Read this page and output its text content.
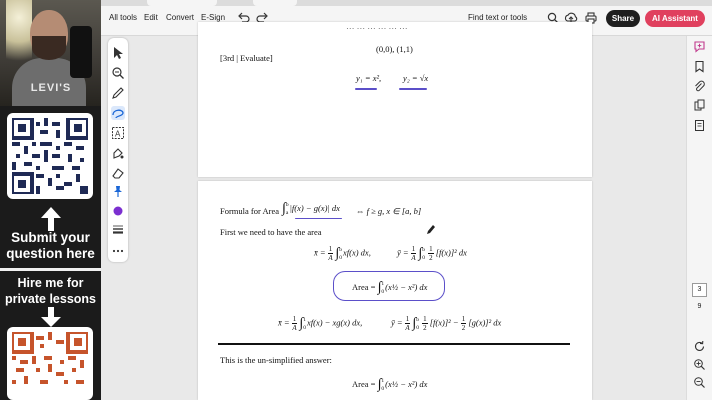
LEVI'S
Submit your question here
Hire me for private lessons
All tools Edit Convert E-Sign	Find text or tools	Share	AI Assistant
A
3
9
⋯ ⋯ ⋯ ⋯ ⋯ ⋯
(0,0), (1,1)
[3rd | Evaluate]
y₁ = x²,	y₂ = √x
Formula for Area ∫ b
a
|f(x) − g(x)| dx ⇔ f ≥ g, x ∈ [a, b]
First we need to have the area
x̄ = $\frac{1}{A}$ ∫ b
0
xf(x) dx,	ȳ = $\frac{1}{A}$ ∫ b
0
$\frac{1}{2} [f(x)]^2$ dx
Area = ∫ 1
0
(x½ − x²) dx
x̄ = $\frac{1}{A}$ ∫ 1
0
xf(x) − xg(x) dx,	ȳ = $\frac{1}{A}$ ∫ b
0
$\frac{1}{2} [f(x)]^2 - \frac{1}{2} [g(x)]^2$ dx
This is the un-simplified answer:
Area = ∫ 1
0
(x½ − x²) dx
